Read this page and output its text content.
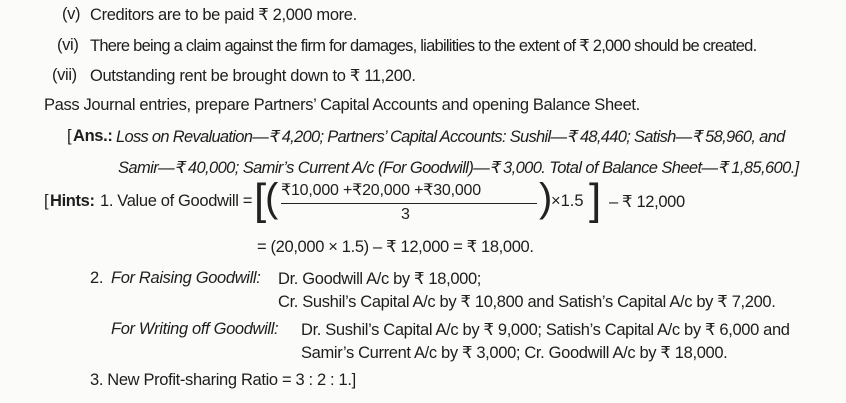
(v) Creditors are to be paid ₹ 2,000 more.
(vi) There being a claim against the firm for damages, liabilities to the extent of ₹ 2,000 should be created.
(vii) Outstanding rent be brought down to ₹ 11,200.
Pass Journal entries, prepare Partners’ Capital Accounts and opening Balance Sheet.
[ Ans.: Loss on Revaluation—₹ 4,200; Partners’ Capital Accounts: Sushil—₹ 48,440; Satish—₹ 58,960, and
Samir—₹ 40,000; Samir’s Current A/c (For Goodwill)—₹ 3,000. Total of Balance Sheet—₹ 1,85,600.]
[ Hints: 1. Value of Goodwill = [
( ₹10,000 +₹20,000 +₹30,000
3	)
×1.5 ] – ₹ 12,000
= (20,000 × 1.5) – ₹ 12,000 = ₹ 18,000.
2. For Raising Goodwill: Dr. Goodwill A/c by ₹ 18,000;
Cr. Sushil’s Capital A/c by ₹ 10,800 and Satish’s Capital A/c by ₹ 7,200.
For Writing off Goodwill: Dr. Sushil’s Capital A/c by ₹ 9,000; Satish’s Capital A/c by ₹ 6,000 and
Samir’s Current A/c by ₹ 3,000; Cr. Goodwill A/c by ₹ 18,000.
3. New Profit-sharing Ratio = 3 : 2 : 1.]
